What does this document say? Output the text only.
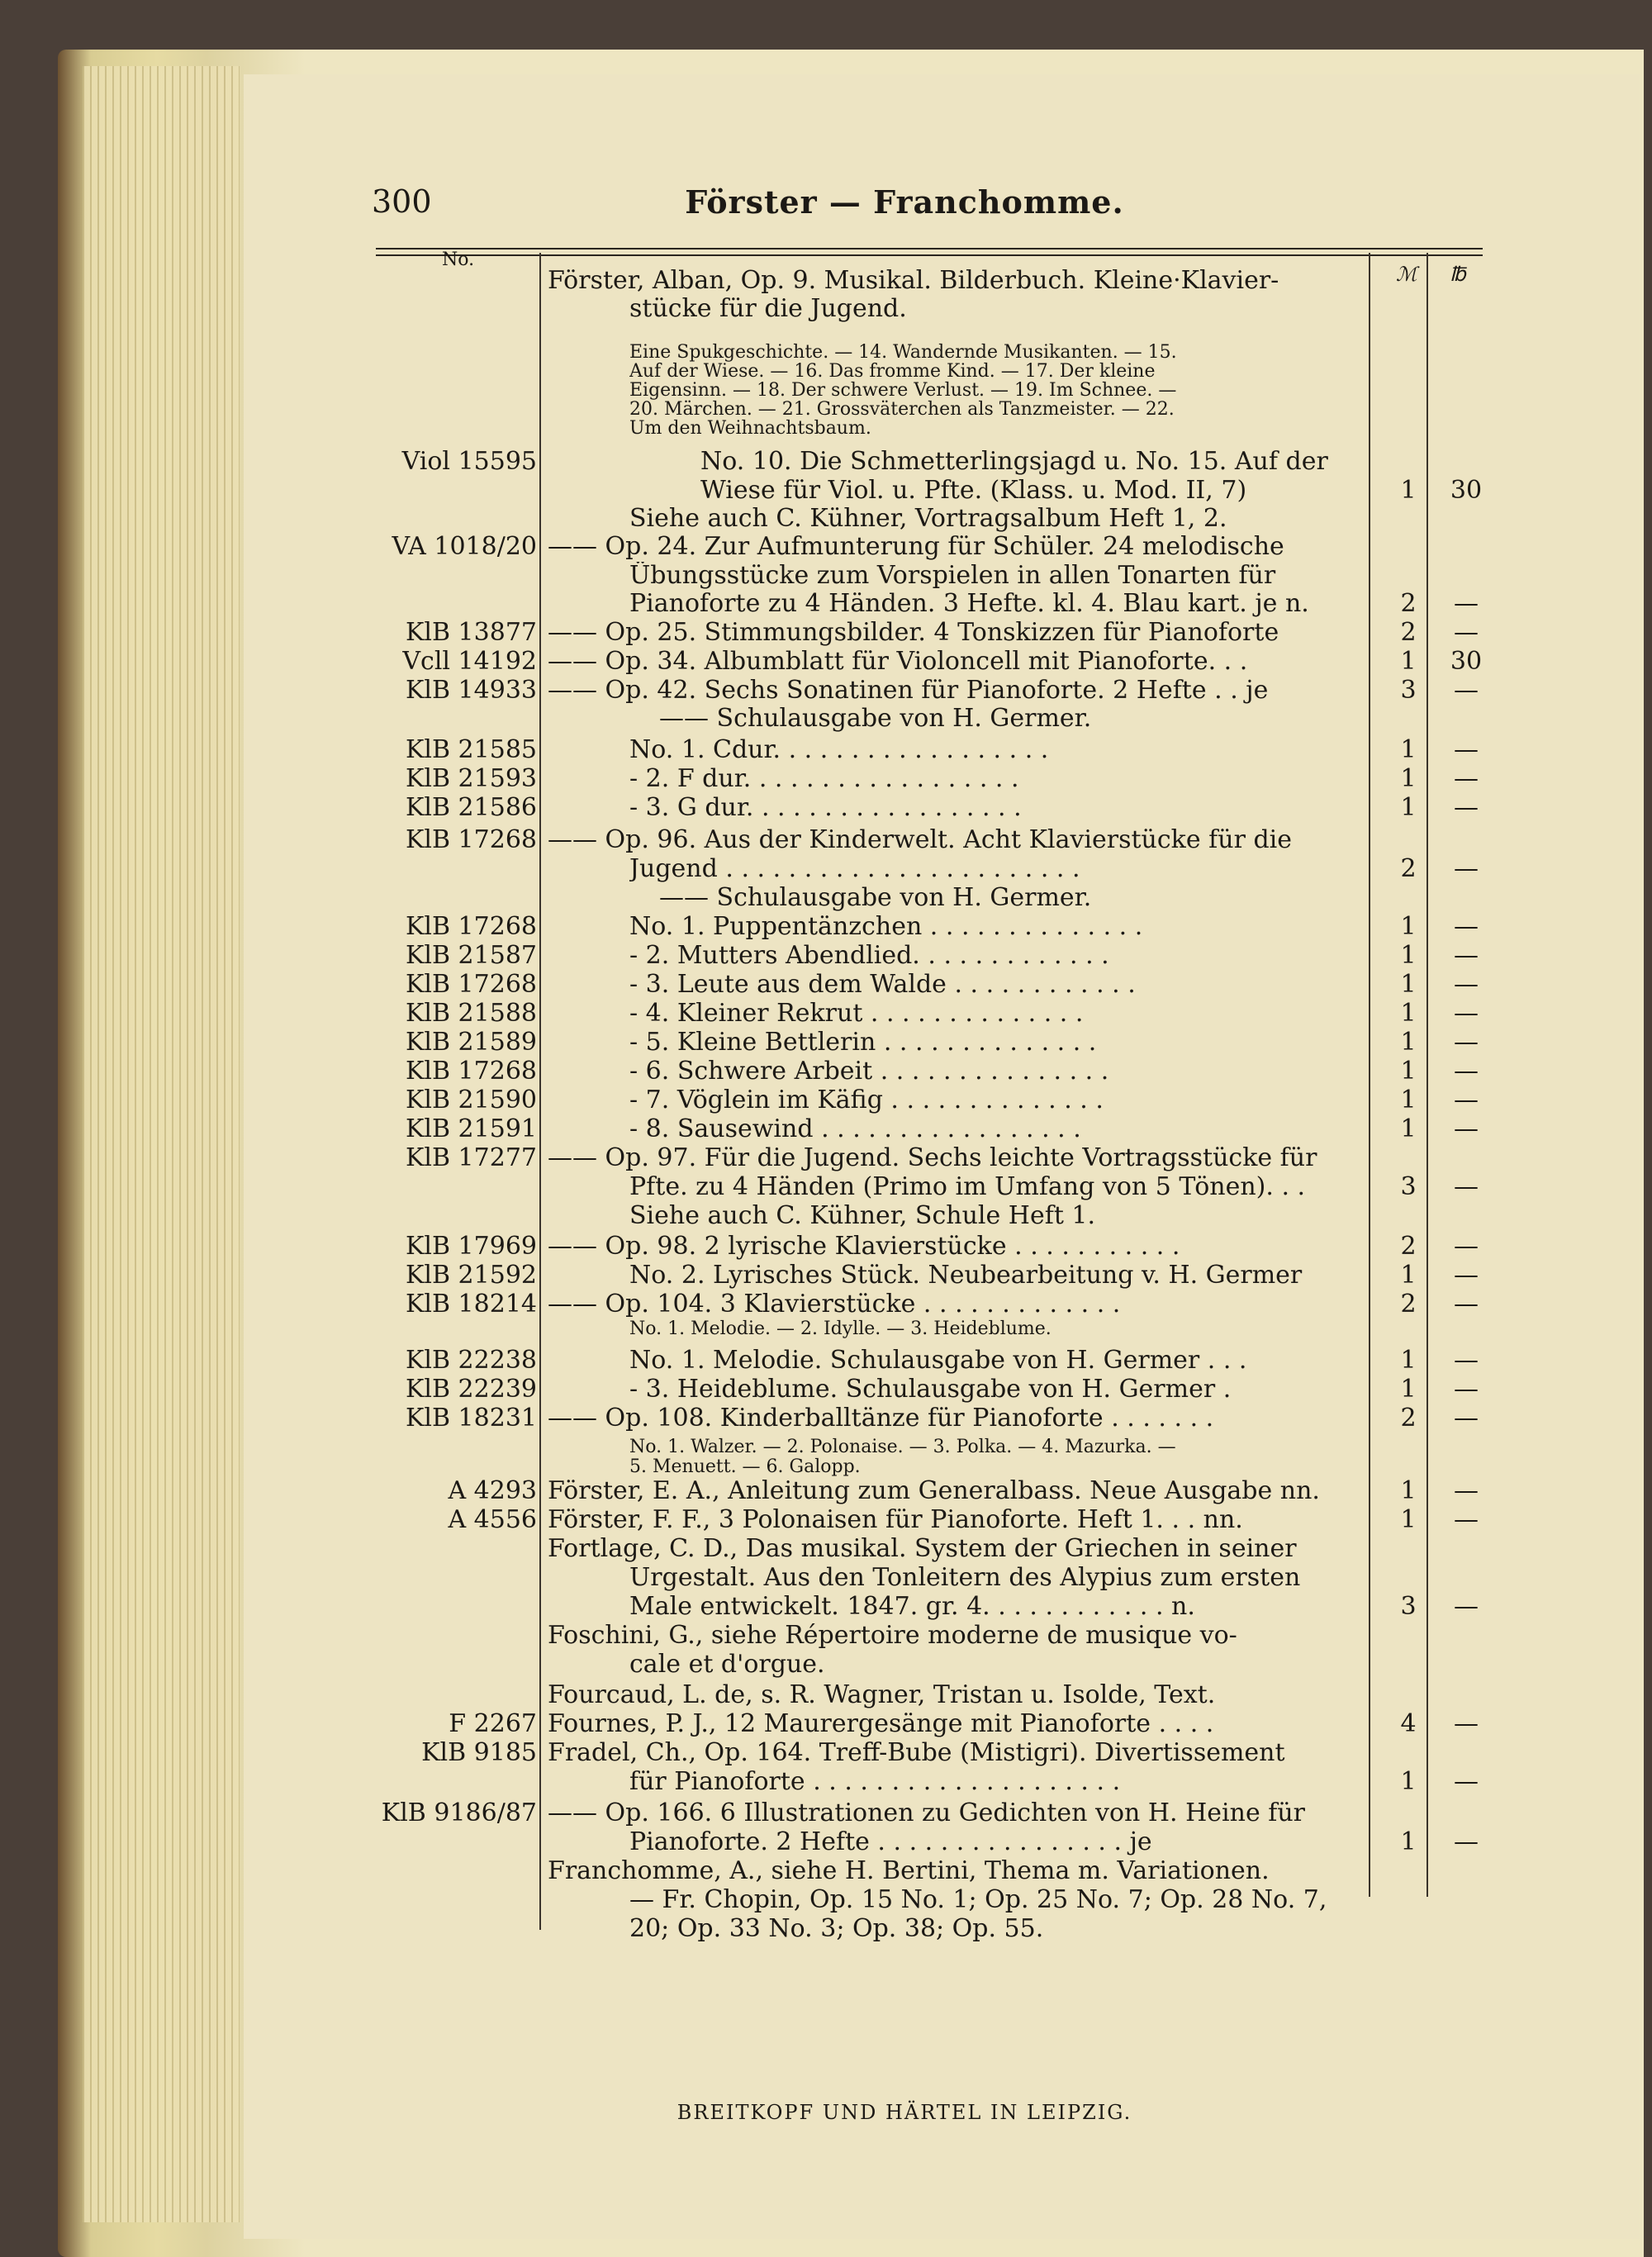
300	Förster — Franchomme.
No.
ℳ ℔
Förster, Alban, Op. 9. Musikal. Bilderbuch. Kleine·Klavier-
stücke für die Jugend.
Eine Spukgeschichte. — 14. Wandernde Musikanten. — 15.
Auf der Wiese. — 16. Das fromme Kind. — 17. Der kleine
Eigensinn. — 18. Der schwere Verlust. — 19. Im Schnee. —
20. Märchen. — 21. Grossväterchen als Tanzmeister. — 22.
Um den Weihnachtsbaum.
Viol 15595	No. 10. Die Schmetterlingsjagd u. No. 15. Auf der
Wiese für Viol. u. Pfte. (Klass. u. Mod. II, 7)	1	30
Siehe auch C. Kühner, Vortragsalbum Heft 1, 2.
VA 1018/20 —— Op. 24. Zur Aufmunterung für Schüler. 24 melodische
Übungsstücke zum Vorspielen in allen Tonarten für
Pianoforte zu 4 Händen. 3 Hefte. kl. 4. Blau kart. je n.	2	—
KlB 13877 —— Op. 25. Stimmungsbilder. 4 Tonskizzen für Pianoforte	2	—
Vcll 14192 —— Op. 34. Albumblatt für Violoncell mit Pianoforte. . .	1	30
KlB 14933 —— Op. 42. Sechs Sonatinen für Pianoforte. 2 Hefte . . je	3	—
—— Schulausgabe von H. Germer.
KlB 21585	No. 1. Cdur. . . . . . . . . . . . . . . . . .	1	—
KlB 21593	- 2. F dur. . . . . . . . . . . . . . . . . .	1	—
KlB 21586	- 3. G dur. . . . . . . . . . . . . . . . . .	1	—
KlB 17268 —— Op. 96. Aus der Kinderwelt. Acht Klavierstücke für die
Jugend . . . . . . . . . . . . . . . . . . . . . . .	2	—
—— Schulausgabe von H. Germer.
KlB 17268	No. 1. Puppentänzchen . . . . . . . . . . . . . .	1	—
KlB 21587	- 2. Mutters Abendlied. . . . . . . . . . . . .	1	—
KlB 17268	- 3. Leute aus dem Walde . . . . . . . . . . . .	1	—
KlB 21588	- 4. Kleiner Rekrut . . . . . . . . . . . . . .	1	—
KlB 21589	- 5. Kleine Bettlerin . . . . . . . . . . . . . .	1	—
KlB 17268	- 6. Schwere Arbeit . . . . . . . . . . . . . . .	1	—
KlB 21590	- 7. Vöglein im Käfig . . . . . . . . . . . . . .	1	—
KlB 21591	- 8. Sausewind . . . . . . . . . . . . . . . . .	1	—
KlB 17277 —— Op. 97. Für die Jugend. Sechs leichte Vortragsstücke für
Pfte. zu 4 Händen (Primo im Umfang von 5 Tönen). . .	3	—
Siehe auch C. Kühner, Schule Heft 1.
KlB 17969 —— Op. 98. 2 lyrische Klavierstücke . . . . . . . . . . .	2	—
KlB 21592	No. 2. Lyrisches Stück. Neubearbeitung v. H. Germer	1	—
KlB 18214 —— Op. 104. 3 Klavierstücke . . . . . . . . . . . . .	2	—
No. 1. Melodie. — 2. Idylle. — 3. Heideblume.
KlB 22238	No. 1. Melodie. Schulausgabe von H. Germer . . .	1	—
KlB 22239	- 3. Heideblume. Schulausgabe von H. Germer .	1	—
KlB 18231 —— Op. 108. Kinderballtänze für Pianoforte . . . . . . .	2	—
No. 1. Walzer. — 2. Polonaise. — 3. Polka. — 4. Mazurka. —
5. Menuett. — 6. Galopp.
A 4293 Förster, E. A., Anleitung zum Generalbass. Neue Ausgabe nn.	1	—
A 4556 Förster, F. F., 3 Polonaisen für Pianoforte. Heft 1. . . nn.	1	—
Fortlage, C. D., Das musikal. System der Griechen in seiner
Urgestalt. Aus den Tonleitern des Alypius zum ersten
Male entwickelt. 1847. gr. 4. . . . . . . . . . . . n.	3	—
Foschini, G., siehe Répertoire moderne de musique vo-
cale et d'orgue.
Fourcaud, L. de, s. R. Wagner, Tristan u. Isolde, Text.
F 2267 Fournes, P. J., 12 Maurergesänge mit Pianoforte . . . .	4	—
KlB 9185 Fradel, Ch., Op. 164. Treff-Bube (Mistigri). Divertissement
für Pianoforte . . . . . . . . . . . . . . . . . . . .	1	—
KlB 9186/87 —— Op. 166. 6 Illustrationen zu Gedichten von H. Heine für
Pianoforte. 2 Hefte . . . . . . . . . . . . . . . . je	1	—
Franchomme, A., siehe H. Bertini, Thema m. Variationen.
— Fr. Chopin, Op. 15 No. 1; Op. 25 No. 7; Op. 28 No. 7,
20; Op. 33 No. 3; Op. 38; Op. 55.
BREITKOPF UND HÄRTEL IN LEIPZIG.
